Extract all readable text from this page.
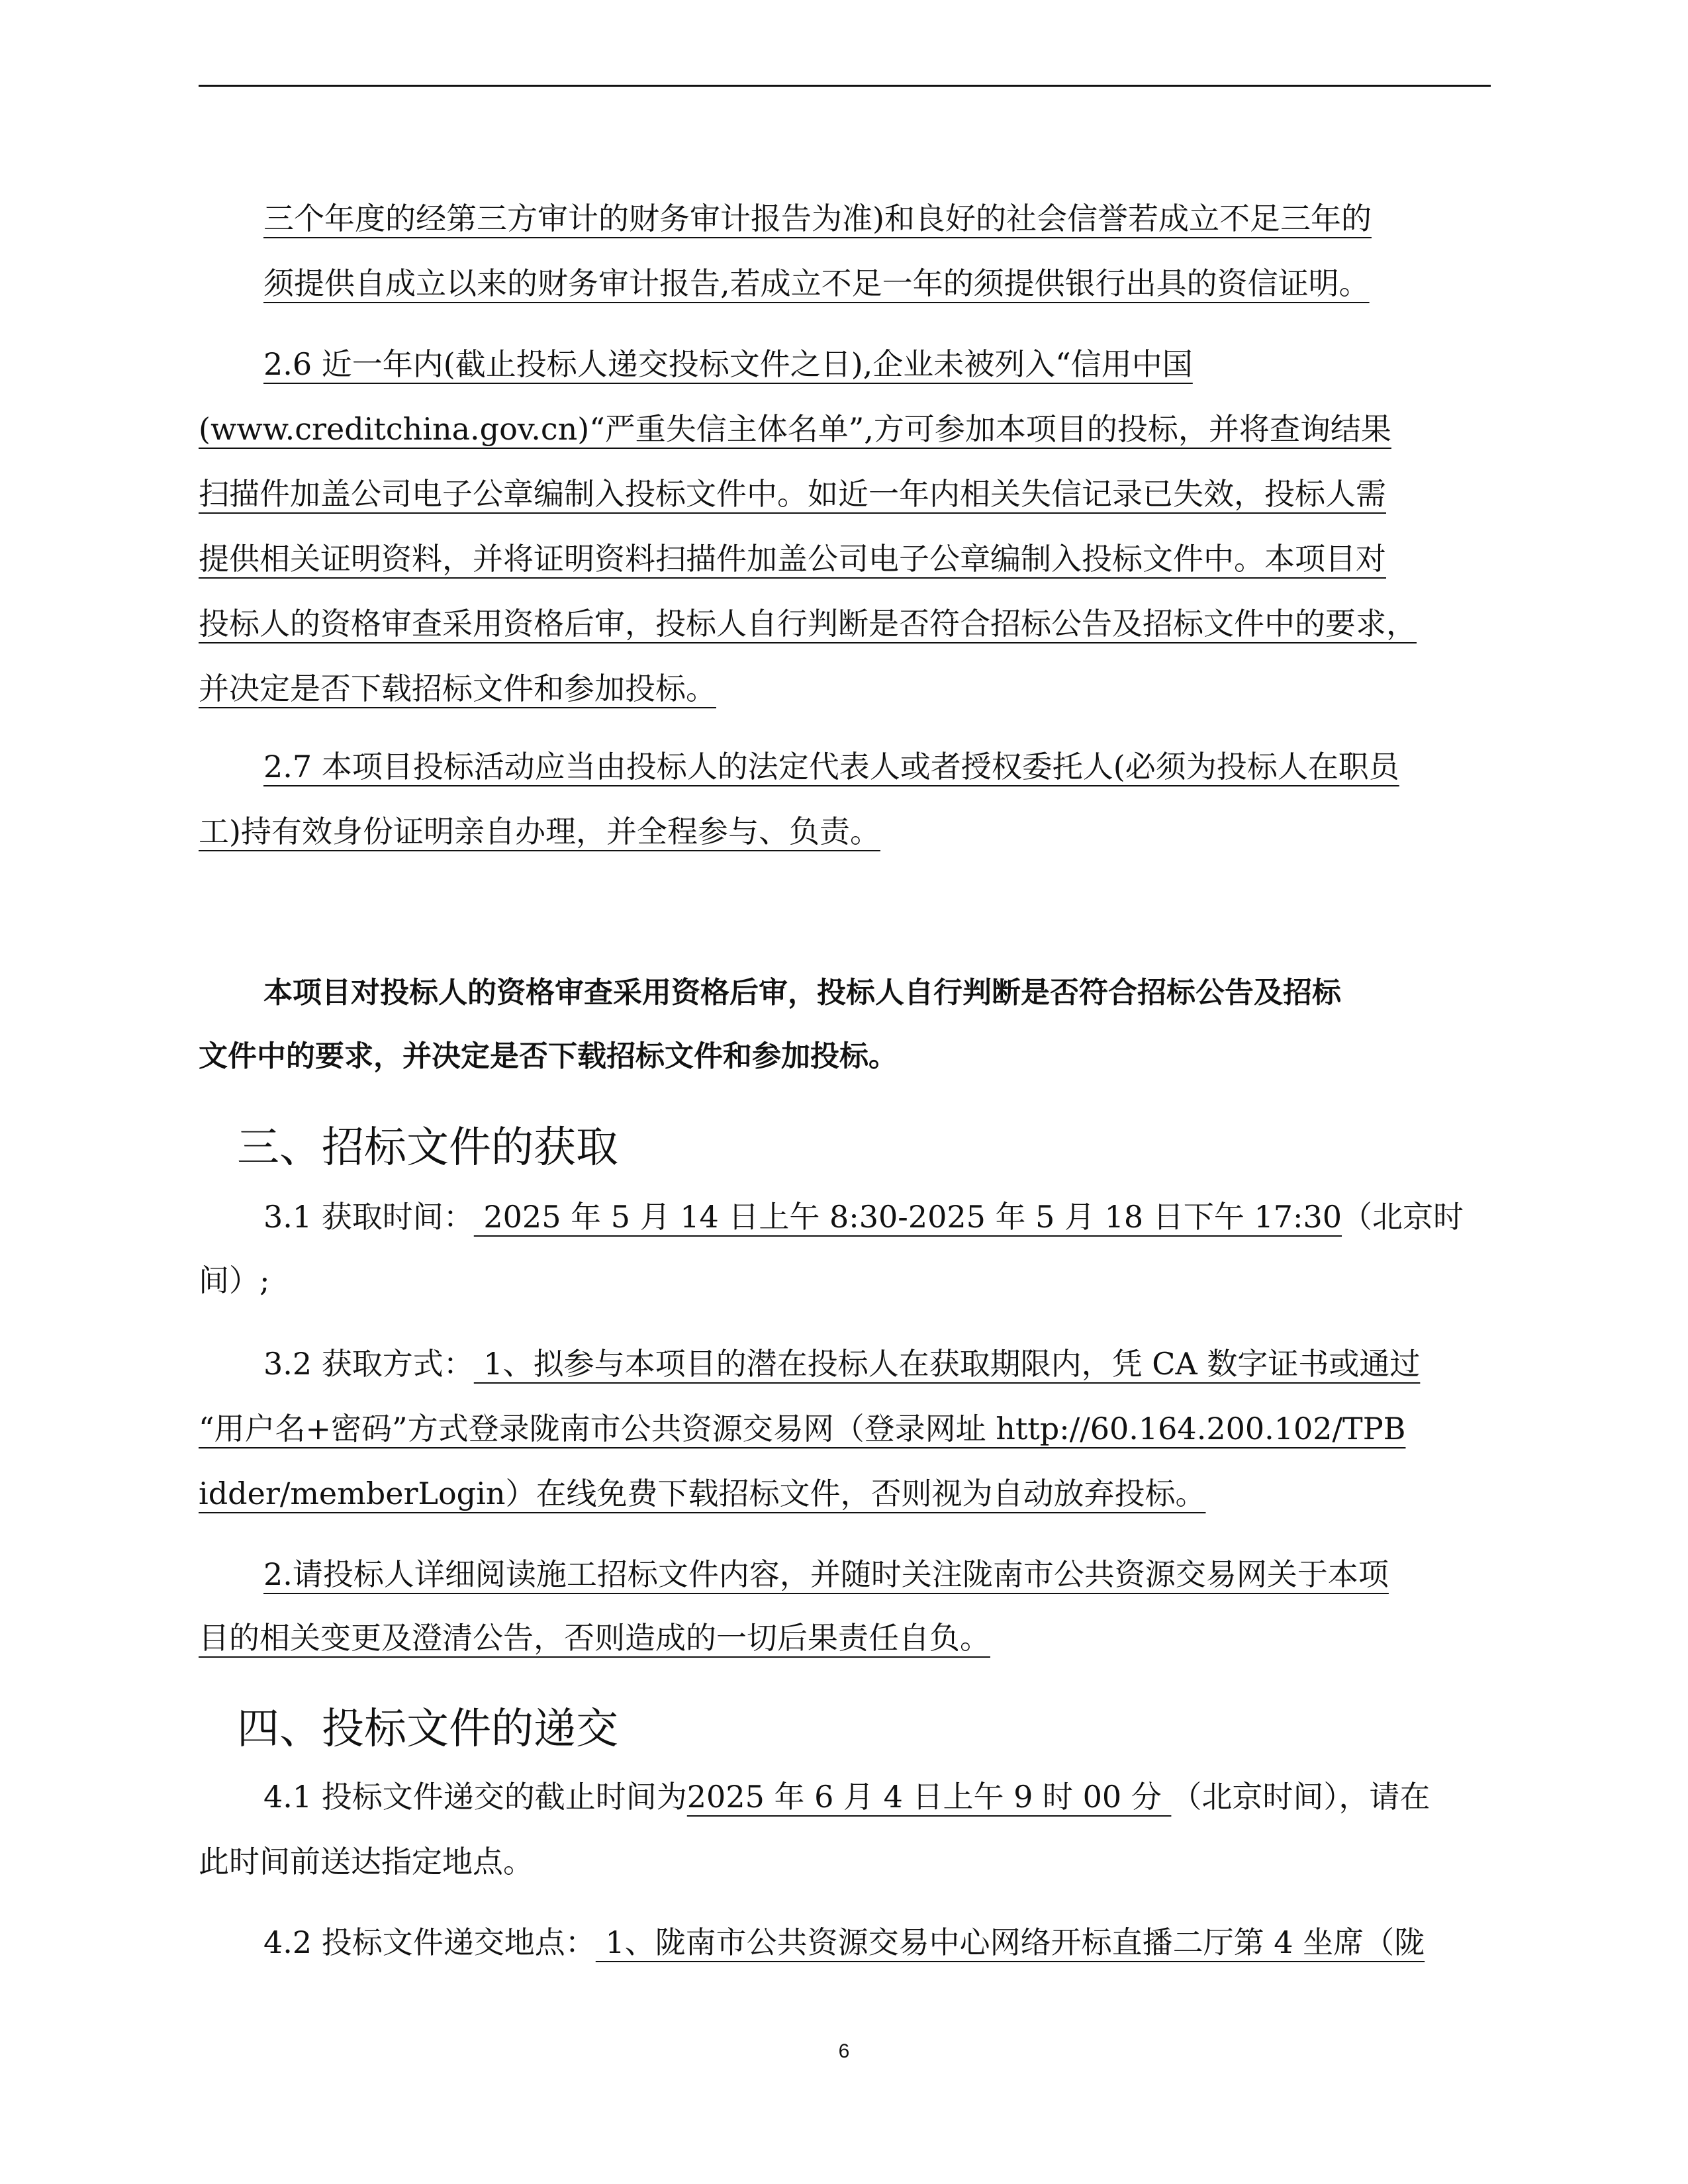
三个年度的经第三方审计的财务审计报告为准)和良好的社会信誉若成立不足三年的
须提供自成立以来的财务审计报告,若成立不足一年的须提供银行出具的资信证明。
2.6 近一年内(截止投标人递交投标文件之日),企业未被列入“信用中国
(www.creditchina.gov.cn)“严重失信主体名单”,方可参加本项目的投标，并将查询结果
扫描件加盖公司电子公章编制入投标文件中。如近一年内相关失信记录已失效，投标人需
提供相关证明资料，并将证明资料扫描件加盖公司电子公章编制入投标文件中。本项目对
投标人的资格审查采用资格后审，投标人自行判断是否符合招标公告及招标文件中的要求，
并决定是否下载招标文件和参加投标。
2.7 本项目投标活动应当由投标人的法定代表人或者授权委托人(必须为投标人在职员
工)持有效身份证明亲自办理，并全程参与、负责。
本项目对投标人的资格审查采用资格后审，投标人自行判断是否符合招标公告及招标
文件中的要求，并决定是否下载招标文件和参加投标。
三、招标文件的获取
3.1 获取时间： 2025 年 5 月 14 日上午 8:30-2025 年 5 月 18 日下午 17:30（北京时
间）;
3.2 获取方式： 1、拟参与本项目的潜在投标人在获取期限内，凭 CA 数字证书或通过
“用户名+密码”方式登录陇南市公共资源交易网（登录网址 http://60.164.200.102/TPB
idder/memberLogin）在线免费下载招标文件，否则视为自动放弃投标。
2.请投标人详细阅读施工招标文件内容，并随时关注陇南市公共资源交易网关于本项
目的相关变更及澄清公告，否则造成的一切后果责任自负。
四、投标文件的递交
4.1 投标文件递交的截止时间为2025 年 6 月 4 日上午 9 时 00 分 （北京时间），请在
此时间前送达指定地点。
4.2 投标文件递交地点： 1、陇南市公共资源交易中心网络开标直播二厅第 4 坐席（陇
6
